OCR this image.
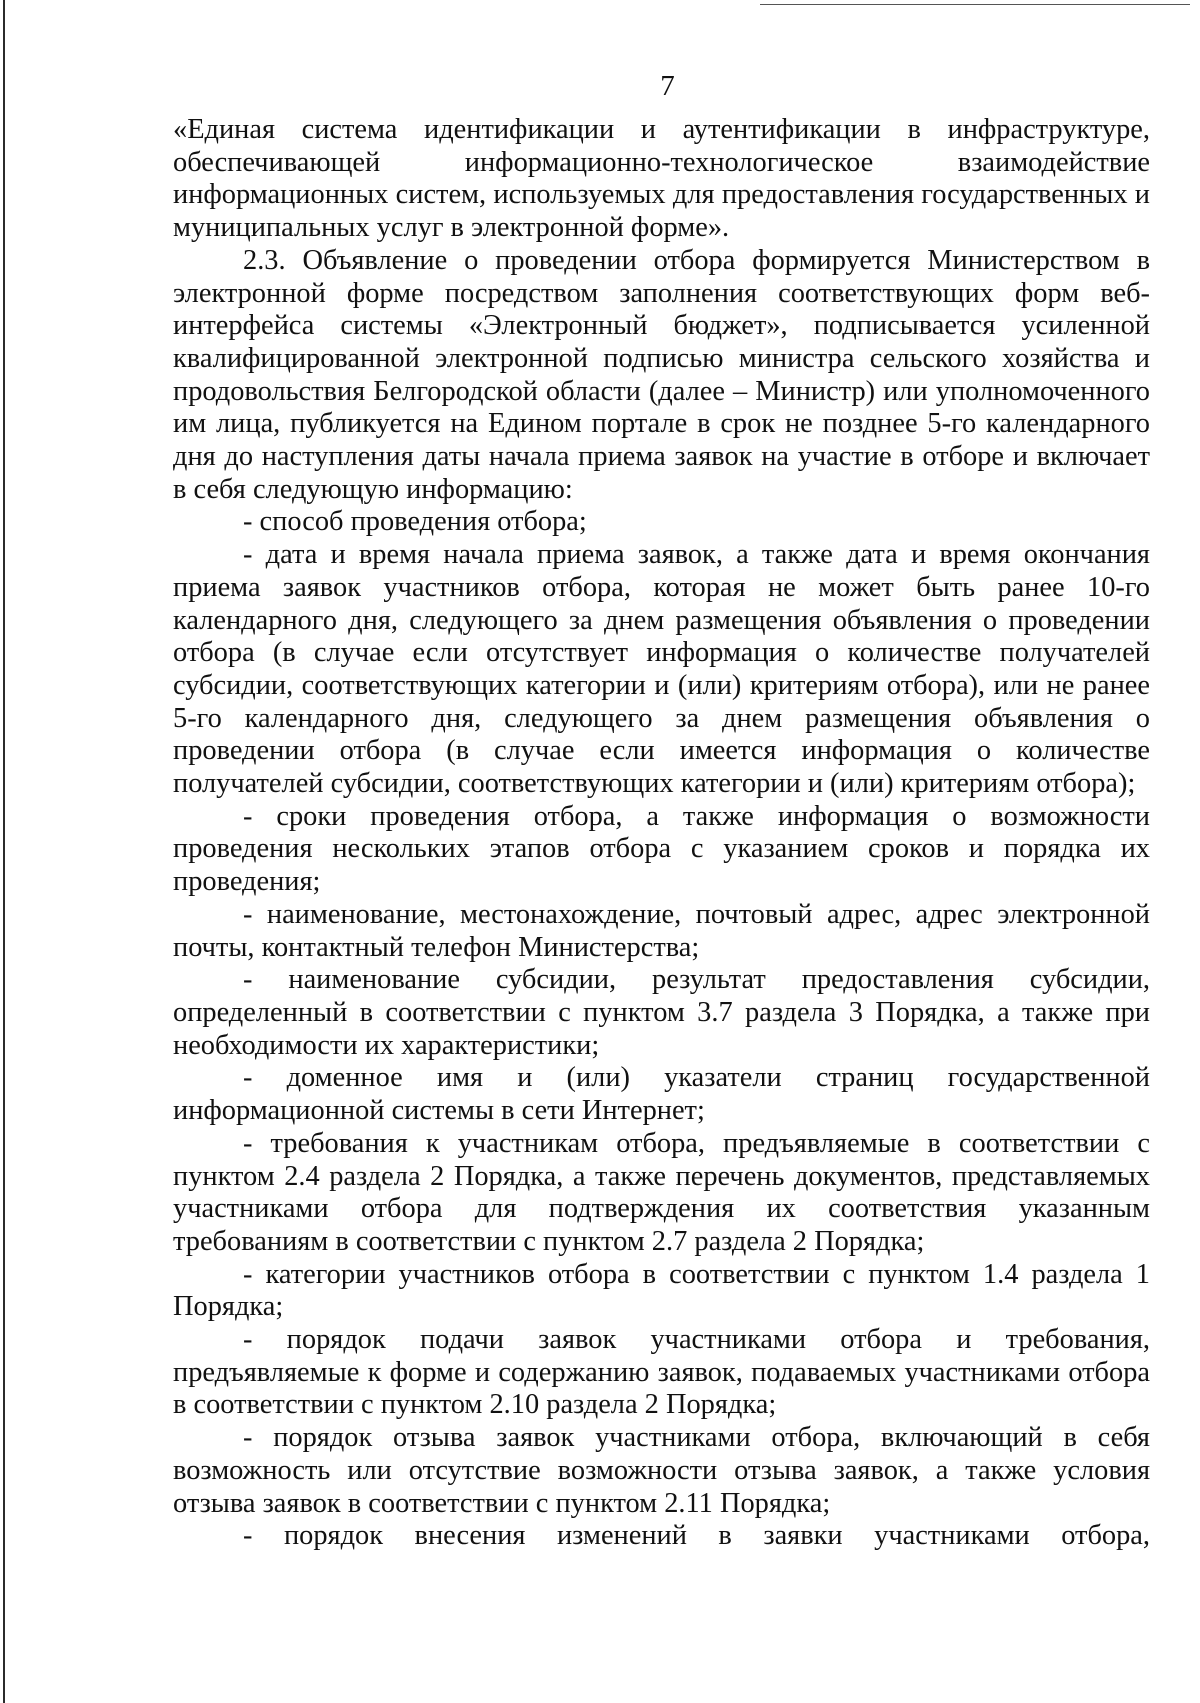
7

«Единая система идентификации и аутентификации в инфраструктуре, обеспечивающей информационно-технологическое взаимодействие информационных систем, используемых для предоставления государственных и муниципальных услуг в электронной форме».

2.3. Объявление о проведении отбора формируется Министерством в электронной форме посредством заполнения соответствующих форм веб-интерфейса системы «Электронный бюджет», подписывается усиленной квалифицированной электронной подписью министра сельского хозяйства и продовольствия Белгородской области (далее – Министр) или уполномоченного им лица, публикуется на Едином портале в срок не позднее 5-го календарного дня до наступления даты начала приема заявок на участие в отборе и включает в себя следующую информацию:

- способ проведения отбора;

- дата и время начала приема заявок, а также дата и время окончания приема заявок участников отбора, которая не может быть ранее 10-го календарного дня, следующего за днем размещения объявления о проведении отбора (в случае если отсутствует информация о количестве получателей субсидии, соответствующих категории и (или) критериям отбора), или не ранее 5-го календарного дня, следующего за днем размещения объявления о проведении отбора (в случае если имеется информация о количестве получателей субсидии, соответствующих категории и (или) критериям отбора);

- сроки проведения отбора, а также информация о возможности проведения нескольких этапов отбора с указанием сроков и порядка их проведения;

- наименование, местонахождение, почтовый адрес, адрес электронной почты, контактный телефон Министерства;

- наименование субсидии, результат предоставления субсидии, определенный в соответствии с пунктом 3.7 раздела 3 Порядка, а также при необходимости их характеристики;

- доменное имя и (или) указатели страниц государственной информационной системы в сети Интернет;

- требования к участникам отбора, предъявляемые в соответствии с пунктом 2.4 раздела 2 Порядка, а также перечень документов, представляемых участниками отбора для подтверждения их соответствия указанным требованиям в соответствии с пунктом 2.7 раздела 2 Порядка;

- категории участников отбора в соответствии с пунктом 1.4 раздела 1 Порядка;

- порядок подачи заявок участниками отбора и требования, предъявляемые к форме и содержанию заявок, подаваемых участниками отбора в соответствии с пунктом 2.10 раздела 2 Порядка;

- порядок отзыва заявок участниками отбора, включающий в себя возможность или отсутствие возможности отзыва заявок, а также условия отзыва заявок в соответствии с пунктом 2.11 Порядка;

- порядок внесения изменений в заявки участниками отбора,
